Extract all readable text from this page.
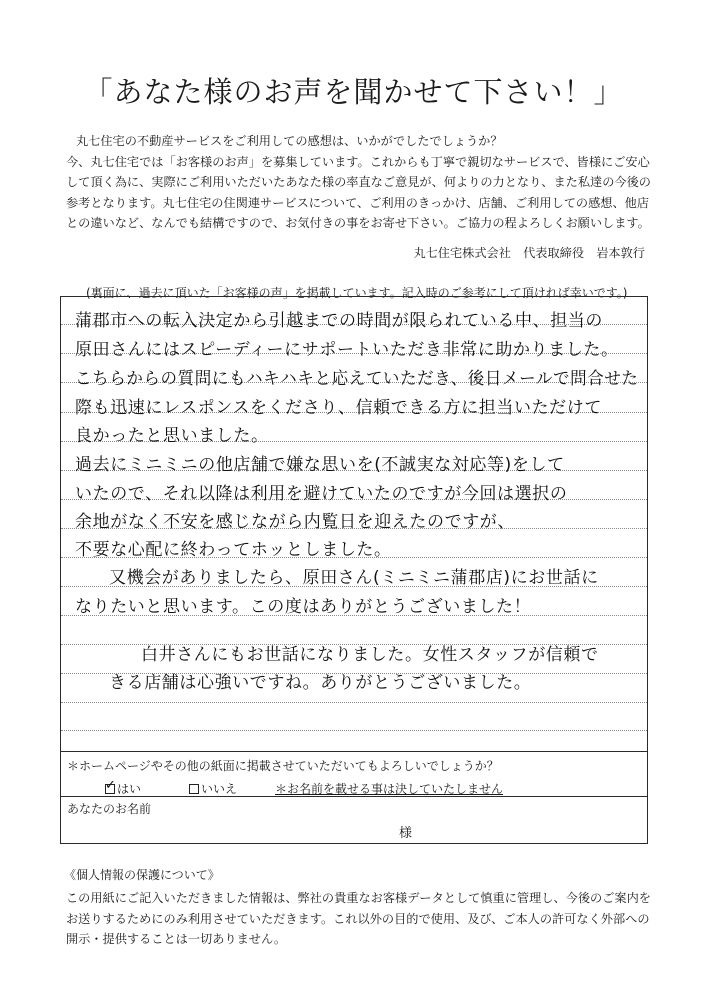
「あなた様のお声を聞かせて下さい！」

丸七住宅の不動産サービスをご利用しての感想は、いかがでしたでしょうか？

今、丸七住宅では「お客様のお声」を募集しています。これからも丁寧で親切なサービスで、皆様にご安心

して頂く為に、実際にご利用いただいたあなた様の率直なご意見が、何よりの力となり、また私達の今後の

参考となります。丸七住宅の住関連サービスについて、ご利用のきっかけ、店舗、ご利用しての感想、他店

との違いなど、なんでも結構ですので、お気付きの事をお寄せ下さい。ご協力の程よろしくお願いします。

丸七住宅株式会社　代表取締役　岩本敦行
(裏面に、過去に頂いた「お客様の声」を掲載しています。記入時のご参考にして頂ければ幸いです。)
蒲郡市への転入決定から引越までの時間が限られている中、担当の
原田さんにはスピーディーにサポートいただき非常に助かりました。
こちらからの質問にもハキハキと応えていただき、後日メールで問合せた
際も迅速にレスポンスをくださり、信頼できる方に担当いただけて
良かったと思いました。
過去にミニミニの他店舗で嫌な思いを(不誠実な対応等)をして
いたので、それ以降は利用を避けていたのですが今回は選択の
余地がなく不安を感じながら内覧日を迎えたのですが、
不要な心配に終わってホッとしました。
又機会がありましたら、原田さん(ミニミニ蒲郡店)にお世話に
なりたいと思います。この度はありがとうございました！
白井さんにもお世話になりました。女性スタッフが信頼で
きる店舗は心強いですね。ありがとうございました。
＊ホームページやその他の紙面に掲載させていただいてもよろしいでしょうか？
✓ はい	いいえ	＊お名前を載せる事は決していたしません
あなたのお名前
様
《個人情報の保護について》

この用紙にご記入いただきました情報は、弊社の貴重なお客様データとして慎重に管理し、今後のご案内を

お送りするためにのみ利用させていただきます。これ以外の目的で使用、及び、ご本人の許可なく外部への

開示・提供することは一切ありません。
